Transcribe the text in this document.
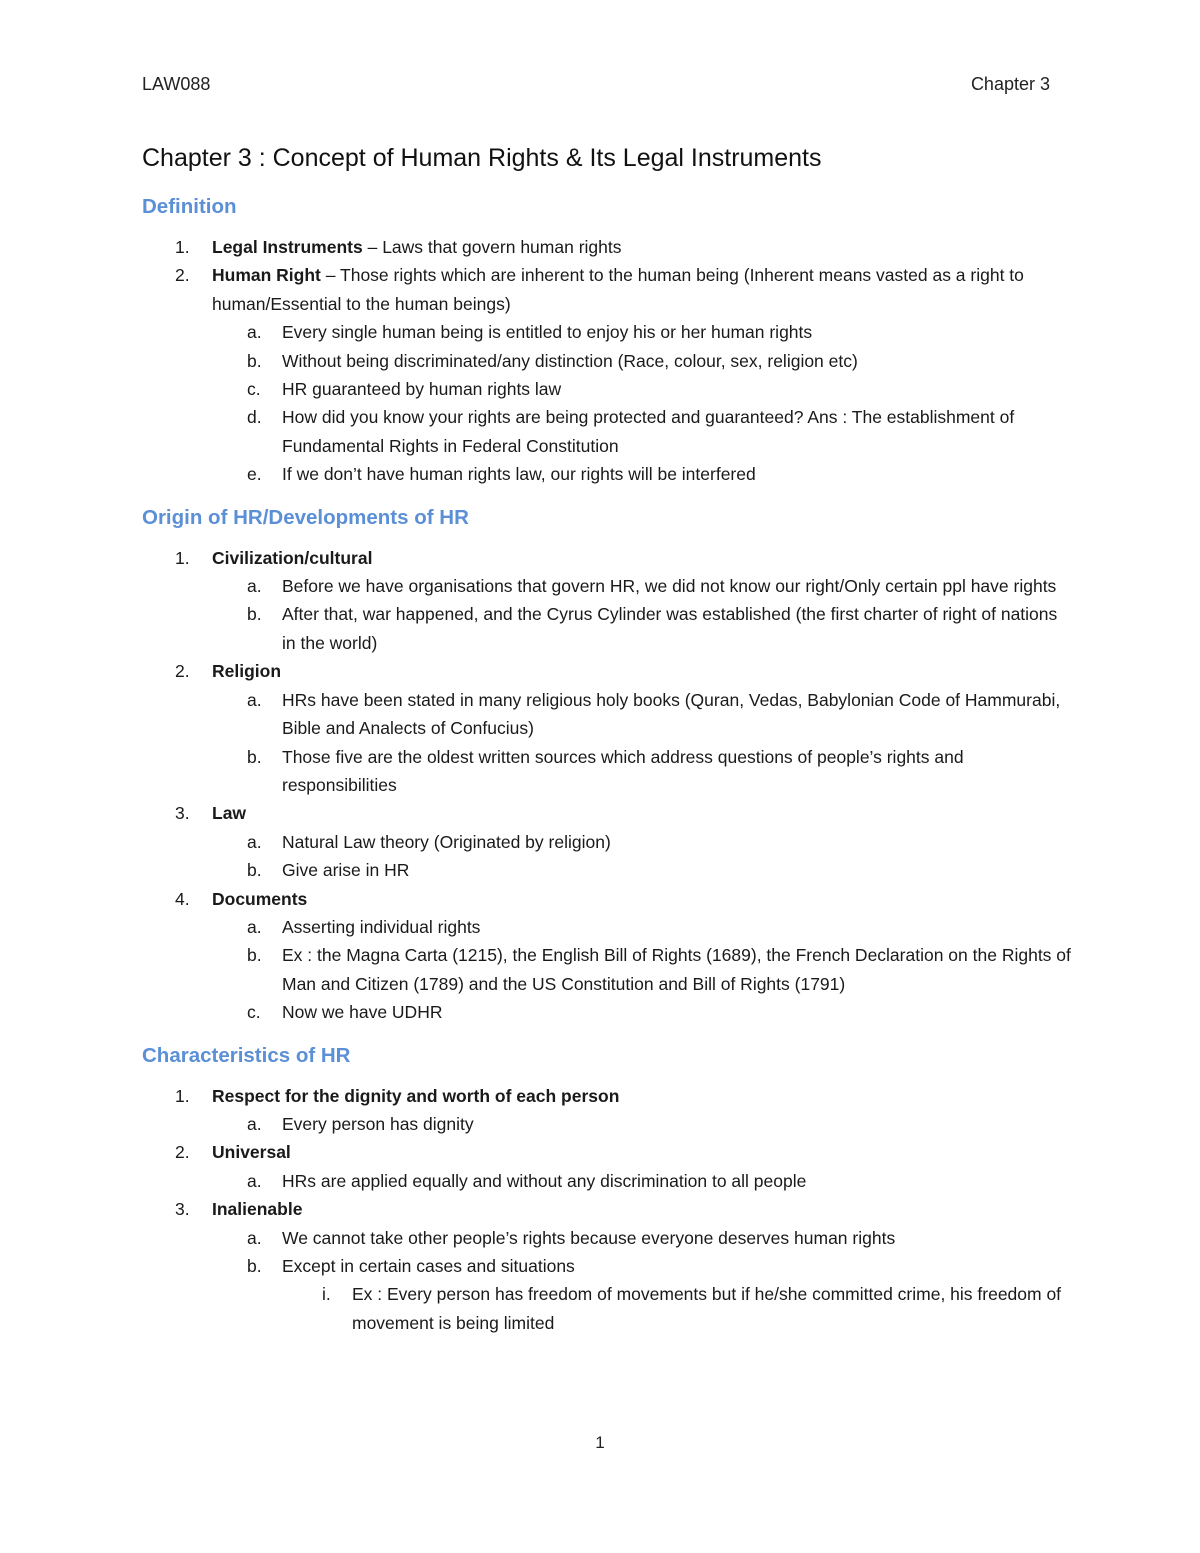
LAW088	Chapter 3
Chapter 3 : Concept of Human Rights & Its Legal Instruments
Definition
1. Legal Instruments – Laws that govern human rights
2. Human Right – Those rights which are inherent to the human being (Inherent means vasted as a right to human/Essential to the human beings)
a. Every single human being is entitled to enjoy his or her human rights
b. Without being discriminated/any distinction (Race, colour, sex, religion etc)
c. HR guaranteed by human rights law
d. How did you know your rights are being protected and guaranteed? Ans : The establishment of Fundamental Rights in Federal Constitution
e. If we don’t have human rights law, our rights will be interfered
Origin of HR/Developments of HR
1. Civilization/cultural
a. Before we have organisations that govern HR, we did not know our right/Only certain ppl have rights
b. After that, war happened, and the Cyrus Cylinder was established (the first charter of right of nations in the world)
2. Religion
a. HRs have been stated in many religious holy books (Quran, Vedas, Babylonian Code of Hammurabi, Bible and Analects of Confucius)
b. Those five are the oldest written sources which address questions of people’s rights and responsibilities
3. Law
a. Natural Law theory (Originated by religion)
b. Give arise in HR
4. Documents
a. Asserting individual rights
b. Ex : the Magna Carta (1215), the English Bill of Rights (1689), the French Declaration on the Rights of Man and Citizen (1789) and the US Constitution and Bill of Rights (1791)
c. Now we have UDHR
Characteristics of HR
1. Respect for the dignity and worth of each person
a. Every person has dignity
2. Universal
a. HRs are applied equally and without any discrimination to all people
3. Inalienable
a. We cannot take other people’s rights because everyone deserves human rights
b. Except in certain cases and situations
i. Ex : Every person has freedom of movements but if he/she committed crime, his freedom of movement is being limited
1
